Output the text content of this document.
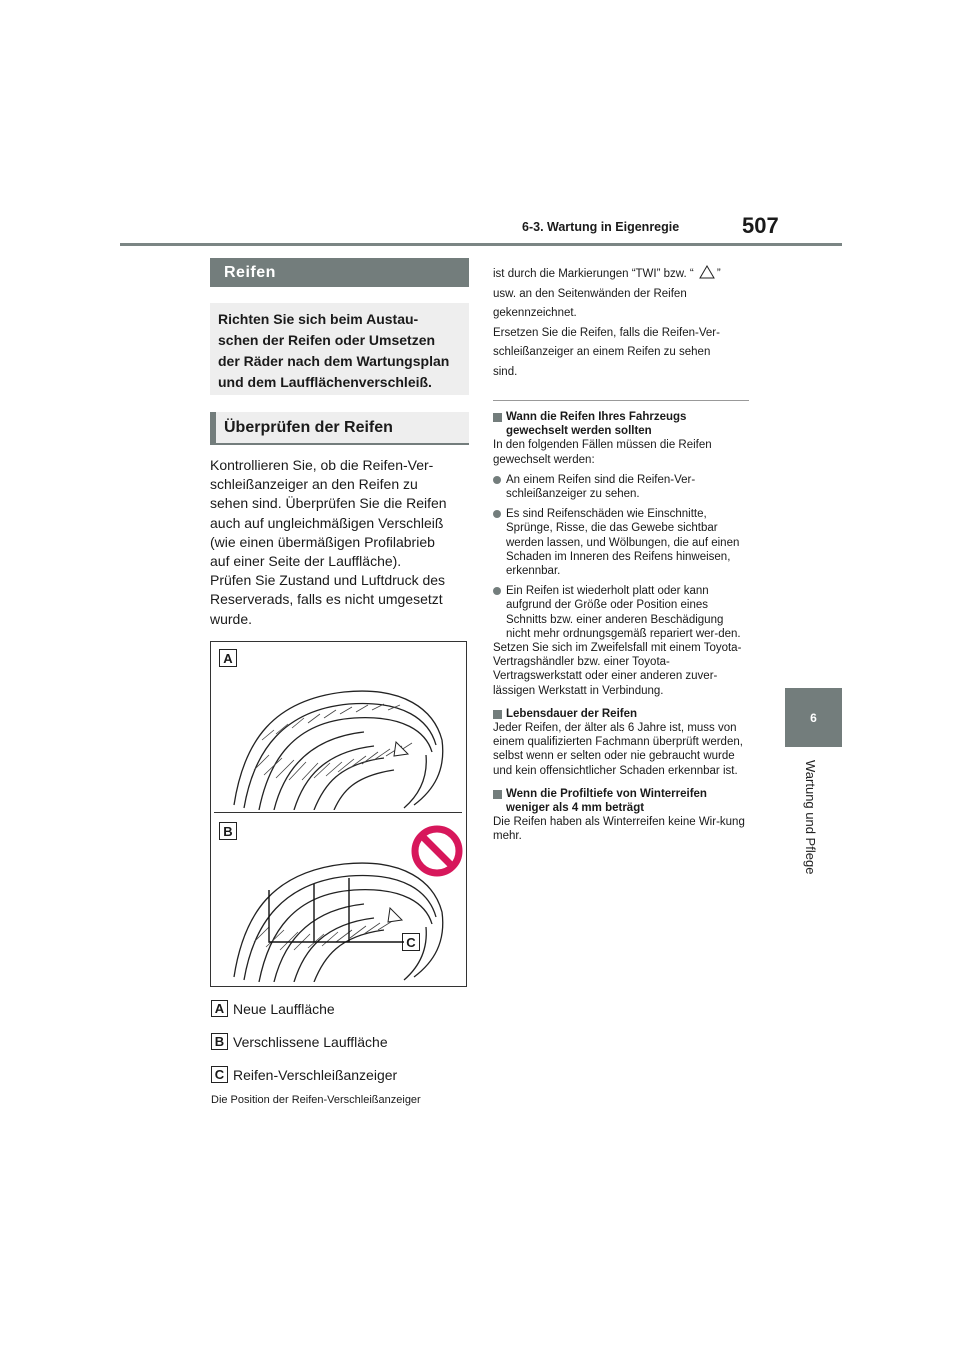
6-3. Wartung in Eigenregie	507
6
Wartung und Pflege
Reifen
Richten Sie sich beim Austau-
schen der Reifen oder Umsetzen
der Räder nach dem Wartungsplan
und dem Laufflächenverschleiß.
Überprüfen der Reifen
Kontrollieren Sie, ob die Reifen-Ver-
schleißanzeiger an den Reifen zu
sehen sind. Überprüfen Sie die Reifen
auch auf ungleichmäßigen Verschleiß
(wie einen übermäßigen Profilabrieb
auf einer Seite der Lauffläche).
Prüfen Sie Zustand und Luftdruck des
Reserverads, falls es nicht umgesetzt
wurde.
A
B
C
A Neue Lauffläche
B Verschlissene Lauffläche
C Reifen-Verschleißanzeiger
Die Position der Reifen-Verschleißanzeiger
ist durch die Markierungen “TWI” bzw. “ ”
usw. an den Seitenwänden der Reifen
gekennzeichnet.
Ersetzen Sie die Reifen, falls die Reifen-Ver-
schleißanzeiger an einem Reifen zu sehen
sind.
Wann die Reifen Ihres Fahrzeugs gewechselt werden sollten

In den folgenden Fällen müssen die Reifen gewechselt werden:

An einem Reifen sind die Reifen-Ver-schleißanzeiger zu sehen.
Es sind Reifenschäden wie Einschnitte, Sprünge, Risse, die das Gewebe sichtbar werden lassen, und Wölbungen, die auf einen Schaden im Inneren des Reifens hinweisen, erkennbar.
Ein Reifen ist wiederholt platt oder kann aufgrund der Größe oder Position eines Schnitts bzw. einer anderen Beschädigung nicht mehr ordnungsgemäß repariert wer-den.

Setzen Sie sich im Zweifelsfall mit einem Toyota-Vertragshändler bzw. einer Toyota-Vertragswerkstatt oder einer anderen zuver-lässigen Werkstatt in Verbindung.

Lebensdauer der Reifen

Jeder Reifen, der älter als 6 Jahre ist, muss von einem qualifizierten Fachmann überprüft werden, selbst wenn er selten oder nie gebraucht wurde und kein offensichtlicher Schaden erkennbar ist.

Wenn die Profiltiefe von Winterreifen weniger als 4 mm beträgt

Die Reifen haben als Winterreifen keine Wir-kung mehr.
